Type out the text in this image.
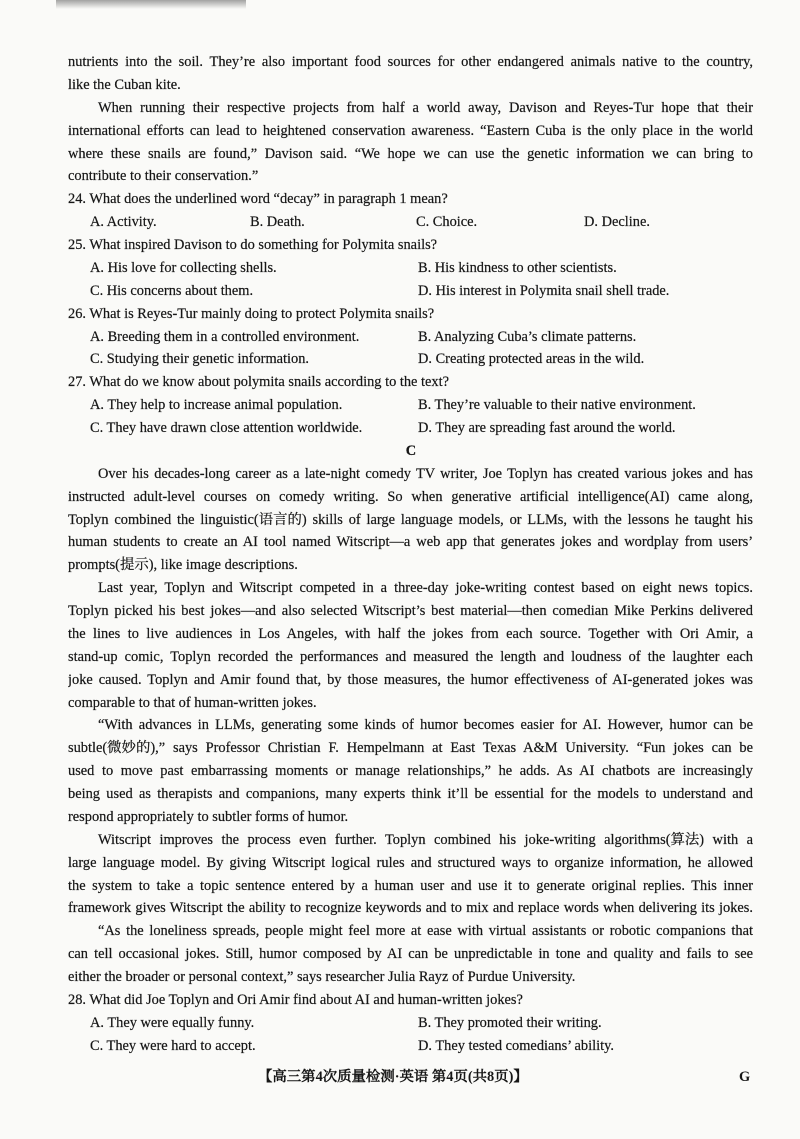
nutrients into the soil. They’re also important food sources for other endangered animals native to the country,
like the Cuban kite.
When running their respective projects from half a world away, Davison and Reyes-Tur hope that their
international efforts can lead to heightened conservation awareness. “Eastern Cuba is the only place in the world
where these snails are found,” Davison said. “We hope we can use the genetic information we can bring to
contribute to their conservation.”
24. What does the underlined word “decay” in paragraph 1 mean?
A. Activity.	B. Death.	C. Choice.	D. Decline.
25. What inspired Davison to do something for Polymita snails?
A. His love for collecting shells.	B. His kindness to other scientists.
C. His concerns about them.	D. His interest in Polymita snail shell trade.
26. What is Reyes-Tur mainly doing to protect Polymita snails?
A. Breeding them in a controlled environment.	B. Analyzing Cuba’s climate patterns.
C. Studying their genetic information.	D. Creating protected areas in the wild.
27. What do we know about polymita snails according to the text?
A. They help to increase animal population.	B. They’re valuable to their native environment.
C. They have drawn close attention worldwide.	D. They are spreading fast around the world.
C
Over his decades-long career as a late-night comedy TV writer, Joe Toplyn has created various jokes and has
instructed adult-level courses on comedy writing. So when generative artificial intelligence(AI) came along,
Toplyn combined the linguistic(语言的) skills of large language models, or LLMs, with the lessons he taught his
human students to create an AI tool named Witscript—a web app that generates jokes and wordplay from users’
prompts(提示), like image descriptions.
Last year, Toplyn and Witscript competed in a three-day joke-writing contest based on eight news topics.
Toplyn picked his best jokes—and also selected Witscript’s best material—then comedian Mike Perkins delivered
the lines to live audiences in Los Angeles, with half the jokes from each source. Together with Ori Amir, a
stand-up comic, Toplyn recorded the performances and measured the length and loudness of the laughter each
joke caused. Toplyn and Amir found that, by those measures, the humor effectiveness of AI-generated jokes was
comparable to that of human-written jokes.
“With advances in LLMs, generating some kinds of humor becomes easier for AI. However, humor can be
subtle(微妙的),” says Professor Christian F. Hempelmann at East Texas A&M University. “Fun jokes can be
used to move past embarrassing moments or manage relationships,” he adds. As AI chatbots are increasingly
being used as therapists and companions, many experts think it’ll be essential for the models to understand and
respond appropriately to subtler forms of humor.
Witscript improves the process even further. Toplyn combined his joke-writing algorithms(算法) with a
large language model. By giving Witscript logical rules and structured ways to organize information, he allowed
the system to take a topic sentence entered by a human user and use it to generate original replies. This inner
framework gives Witscript the ability to recognize keywords and to mix and replace words when delivering its jokes.
“As the loneliness spreads, people might feel more at ease with virtual assistants or robotic companions that
can tell occasional jokes. Still, humor composed by AI can be unpredictable in tone and quality and fails to see
either the broader or personal context,” says researcher Julia Rayz of Purdue University.
28. What did Joe Toplyn and Ori Amir find about AI and human-written jokes?
A. They were equally funny.	B. They promoted their writing.
C. They were hard to accept.	D. They tested comedians’ ability.
【高三第4次质量检测·英语 第4页(共8页)】	G
